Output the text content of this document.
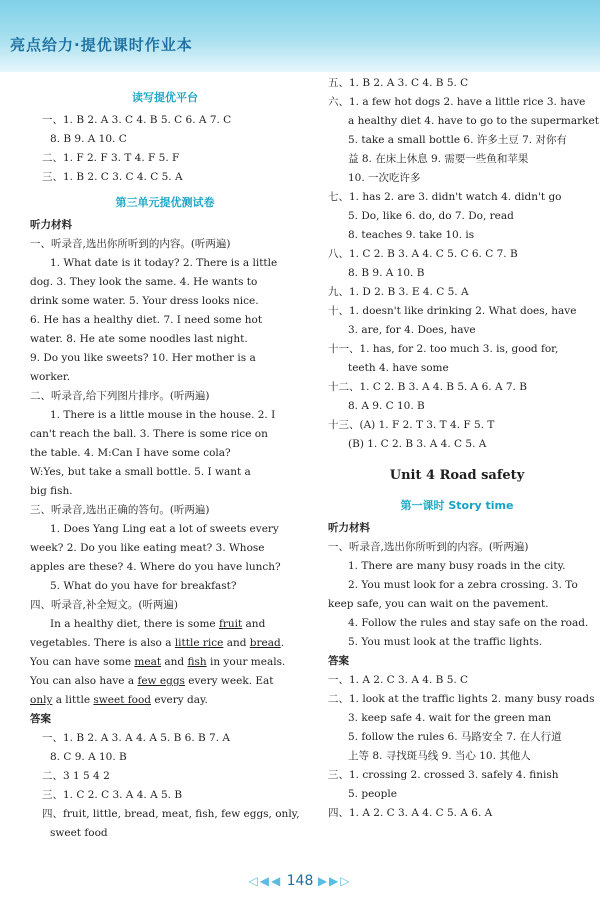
亮点给力·提优课时作业本
读写提优平台
一、1. B 2. A 3. C 4. B 5. C 6. A 7. C
8. B 9. A 10. C
二、1. F 2. F 3. T 4. F 5. F
三、1. B 2. C 3. C 4. C 5. A
第三单元提优测试卷
听力材料
一、听录音,选出你所听到的内容。(听两遍)
1. What date is it today? 2. There is a little
dog. 3. They look the same. 4. He wants to
drink some water. 5. Your dress looks nice.
6. He has a healthy diet. 7. I need some hot
water. 8. He ate some noodles last night.
9. Do you like sweets? 10. Her mother is a
worker.
二、听录音,给下列图片排序。(听两遍)
1. There is a little mouse in the house. 2. I
can't reach the ball. 3. There is some rice on
the table. 4. M:Can I have some cola?
W:Yes, but take a small bottle. 5. I want a
big fish.
三、听录音,选出正确的答句。(听两遍)
1. Does Yang Ling eat a lot of sweets every
week? 2. Do you like eating meat? 3. Whose
apples are these? 4. Where do you have lunch?
5. What do you have for breakfast?
四、听录音,补全短文。(听两遍)
In a healthy diet, there is some fruit and
vegetables. There is also a little rice and bread.
You can have some meat and fish in your meals.
You can also have a few eggs every week. Eat
only a little sweet food every day.
答案
一、1. B 2. A 3. A 4. A 5. B 6. B 7. A
8. C 9. A 10. B
二、3 1 5 4 2
三、1. C 2. C 3. A 4. A 5. B
四、fruit, little, bread, meat, fish, few eggs, only,
sweet food
五、1. B 2. A 3. C 4. B 5. C
六、1. a few hot dogs 2. have a little rice 3. have
a healthy diet 4. have to go to the supermarket
5. take a small bottle 6. 许多土豆 7. 对你有
益 8. 在床上休息 9. 需要一些鱼和苹果
10. 一次吃许多
七、1. has 2. are 3. didn't watch 4. didn't go
5. Do, like 6. do, do 7. Do, read
8. teaches 9. take 10. is
八、1. C 2. B 3. A 4. C 5. C 6. C 7. B
8. B 9. A 10. B
九、1. D 2. B 3. E 4. C 5. A
十、1. doesn't like drinking 2. What does, have
3. are, for 4. Does, have
十一、1. has, for 2. too much 3. is, good for,
teeth 4. have some
十二、1. C 2. B 3. A 4. B 5. A 6. A 7. B
8. A 9. C 10. B
十三、(A) 1. F 2. T 3. T 4. F 5. T
(B) 1. C 2. B 3. A 4. C 5. A
Unit 4 Road safety
第一课时 Story time
听力材料
一、听录音,选出你所听到的内容。(听两遍)
1. There are many busy roads in the city.
2. You must look for a zebra crossing. 3. To
keep safe, you can wait on the pavement.
4. Follow the rules and stay safe on the road.
5. You must look at the traffic lights.
答案
一、1. A 2. C 3. A 4. B 5. C
二、1. look at the traffic lights 2. many busy roads
3. keep safe 4. wait for the green man
5. follow the rules 6. 马路安全 7. 在人行道
上等 8. 寻找斑马线 9. 当心 10. 其他人
三、1. crossing 2. crossed 3. safely 4. finish
5. people
四、1. A 2. C 3. A 4. C 5. A 6. A
◁◀◀ 148 ▶▶▷
